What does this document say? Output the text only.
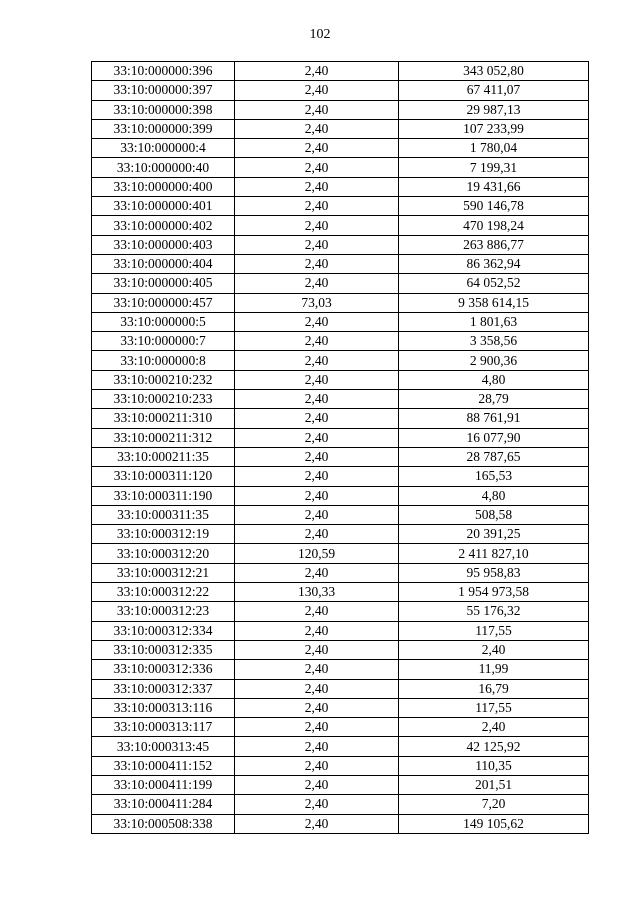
102
33:10:000000:396	2,40	343 052,80
33:10:000000:397	2,40	67 411,07
33:10:000000:398	2,40	29 987,13
33:10:000000:399	2,40	107 233,99
33:10:000000:4	2,40	1 780,04
33:10:000000:40	2,40	7 199,31
33:10:000000:400	2,40	19 431,66
33:10:000000:401	2,40	590 146,78
33:10:000000:402	2,40	470 198,24
33:10:000000:403	2,40	263 886,77
33:10:000000:404	2,40	86 362,94
33:10:000000:405	2,40	64 052,52
33:10:000000:457	73,03	9 358 614,15
33:10:000000:5	2,40	1 801,63
33:10:000000:7	2,40	3 358,56
33:10:000000:8	2,40	2 900,36
33:10:000210:232	2,40	4,80
33:10:000210:233	2,40	28,79
33:10:000211:310	2,40	88 761,91
33:10:000211:312	2,40	16 077,90
33:10:000211:35	2,40	28 787,65
33:10:000311:120	2,40	165,53
33:10:000311:190	2,40	4,80
33:10:000311:35	2,40	508,58
33:10:000312:19	2,40	20 391,25
33:10:000312:20	120,59	2 411 827,10
33:10:000312:21	2,40	95 958,83
33:10:000312:22	130,33	1 954 973,58
33:10:000312:23	2,40	55 176,32
33:10:000312:334	2,40	117,55
33:10:000312:335	2,40	2,40
33:10:000312:336	2,40	11,99
33:10:000312:337	2,40	16,79
33:10:000313:116	2,40	117,55
33:10:000313:117	2,40	2,40
33:10:000313:45	2,40	42 125,92
33:10:000411:152	2,40	110,35
33:10:000411:199	2,40	201,51
33:10:000411:284	2,40	7,20
33:10:000508:338	2,40	149 105,62
